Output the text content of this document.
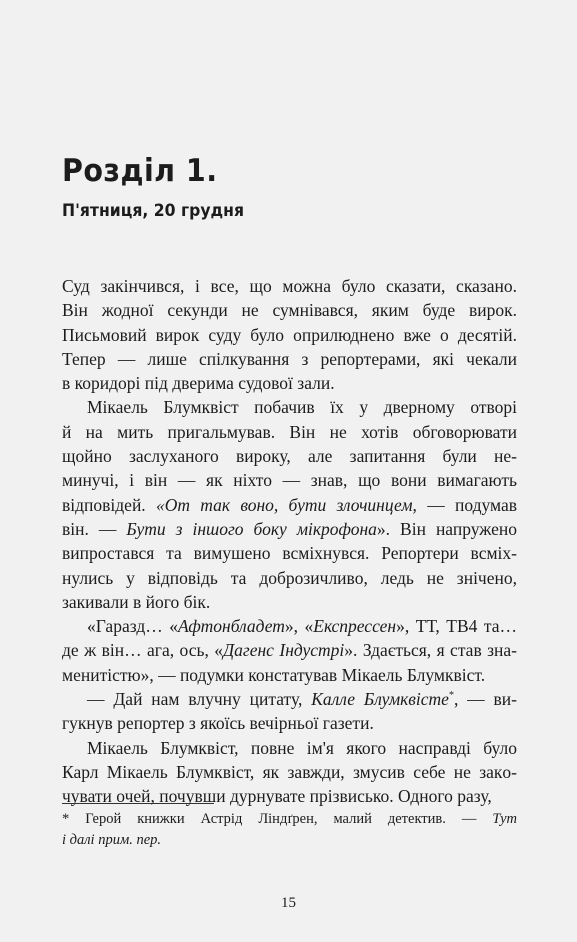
Розділ 1.
П'ятниця, 20 грудня
Суд закінчився, і все, що можна було сказати, сказано.
Він жодної секунди не сумнівався, яким буде вирок.
Письмовий вирок суду було оприлюднено вже о десятій.
Тепер — лише спілкування з репортерами, які чекали
в коридорі під дверима судової зали.
Мікаель Блумквіст побачив їх у дверному отворі
й на мить пригальмував. Він не хотів обговорювати
щойно заслуханого вироку, але запитання були не-
минучі, і він — як ніхто — знав, що вони вимагають
відповідей. «От так воно, бути злочинцем, — подумав
він. — Бути з іншого боку мікрофона». Він напружено
випростався та вимушено всміхнувся. Репортери всміх-
нулись у відповідь та доброзичливо, ледь не знічено,
закивали в його бік.
«Гаразд… «Афтонбладет», «Експрессен», ТТ, ТВ4 та…
де ж він… ага, ось, «Дагенс Індустрі». Здається, я став зна-
менитістю», — подумки констатував Мікаель Блумквіст.
— Дай нам влучну цитату, Калле Блумквісте*, — ви-
гукнув репортер з якоїсь вечірньої газети.
Мікаель Блумквіст, повне ім'я якого насправді було
Карл Мікаель Блумквіст, як завжди, змусив себе не закo-
чувати очей, почувши дурнувате прізвисько. Одного разу,
* Герой книжки Астрід Ліндґрен, малий детектив. — Тут
і далі прим. пер.
15
